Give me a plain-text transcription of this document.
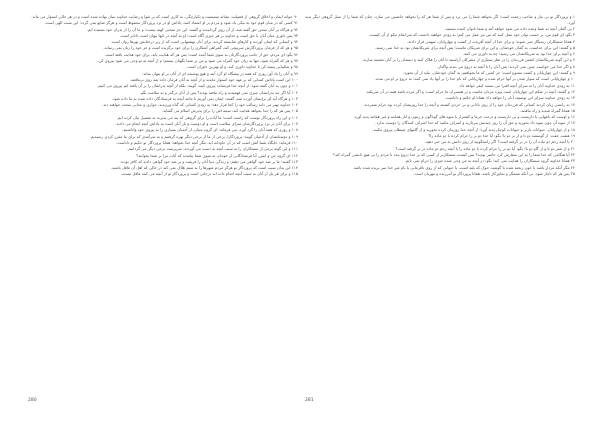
۹۰ جوانه ایمان و اخلاق گروهی از فضیلت، نشانه صمیمیت و یکپارچگی، نه کاری است که بر تقوا و رضایت خداوند بنیان نهاده شده است و در هر حالی استوار می ماند.

۹۱ کسی که در میان قوم خود به نیکی یاد شود و مردم بر او اعتماد کنند، پاداش او در نزد پروردگار محفوظ است و هرگز ضایع نمی گردد؛ این سنت الهی است.

۹۲ و هرگاه بر آنان سخن حق گفته شد، از آن روی گردانیدند و گفتند: این جز سخنی کهنه نیست؛ و ما آن را از پدران خود نشنیده ایم.

۹۳ پس داوری میان آنان با حق است و خداوند بر هر چیزی آگاه است؛ او به آنچه در دلها پنهان است داناتر است.

۹۴ و کسانی که ایمان آوردند و کارهای شایسته کردند، برای آنان بهشتهایی است که از زیر درختانش نهرها روان است.

۹۵ و هر که از فرمان پروردگارش سرپیچی کند، گمراهی آشکاری را برای خود برگزیده است و جز خود را زیان نمی رساند.

۹۶ بگو: ای مردم، حق از جانب پروردگارتان به سوی شما آمده است؛ پس هر که هدایت یابد، برای خود هدایت یافته است.

۹۷ و هر که گمراه شود، تنها به زیان خود گمراه می شود و من بر شما نگهبان نیستم؛ و از آنچه به تو وحی می شود پیروی کن.

۹۸ و شکیبایی پیشه کن تا خداوند داوری کند، و او بهترین داوران است.

۹۹ و آنان را یاد آور روزی که همه در پیشگاه او گرد آیند و هیچ پوشیده ای از آنان بر او پنهان نماند.

۱۰۰ این است پاداش کسانی که بر عهد خود استوار ماندند و از آنچه به آنان فرمان داده شد روی برنتافتند.

۱۰۱ و چون به آنان گفته شود: از آنچه خدا فرستاده پیروی کنید، گویند: بلکه از آنچه پدرانمان را بر آن یافته ایم پیروی می کنیم.

۱۰۲ آیا اگر چه پدرانشان چیزی نمی فهمیدند و راه نیافته بودند؟ پس از آنان درگذر و به سلامت بگو.

۱۰۳ و هرگاه آیه ای برایشان آورده شد، گفتند: ایمان نمی آوریم تا مانند آنچه به فرستادگان داده شده به ما داده شود.

۱۰۴ خداوند بهتر می داند رسالت خود را کجا قرار دهد؛ به زودی کسانی که گناه ورزیدند، خواری و عذابی سخت خواهند دید.

۱۰۵ پس هر که را خدا بخواهد هدایت کند، سینه اش را برای پذیرش اسلام می گشاید.

۱۰۶ و این راه پروردگار توست که راست است؛ ما آیات را برای گروهی که پند می پذیرند به تفصیل بیان کرده ایم.

۱۰۷ برای آنان در نزد پروردگارشان سرای سلامت است و او دوست و یار آنان است به پاداش آنچه انجام می دادند.

۱۰۸ و روزی که همه آنان را گرد آورد، می فرماید: ای گروه جنیان، از آدمیان بسیاری را به پیروی خود واداشتید.

۱۰۹ و دوستانشان از آدمیان گویند: پروردگارا، برخی از ما از برخی دیگر بهره گرفتیم و به سرآمدی که برای ما مقرر کردی رسیدیم.

۱۱۰ فرماید: جایگاه شما آتش است که در آن جاودانه اید، مگر آنچه خدا بخواهد؛ همانا پروردگار تو حکیم و داناست.

۱۱۱ و این گونه برخی از ستمکاران را به سبب آنچه به دست می آوردند، سرپرست برخی دیگر می گردانیم.

۱۱۲ ای گروه جن و انس، آیا فرستادگانی از خودتان به سوی شما نیامدند که آیات مرا بر شما بخوانند؟

۱۱۳ گفتند: ما بر ضد خود گواهی می دهیم؛ و زندگی دنیا آنان را فریفت و بر ضد خود گواهی دادند که کافر بودند.

۱۱۴ این بدان سبب است که پروردگار تو هرگز مردم شهرها را به ستم هلاک نمی کند در حالی که اهل آن غافل باشند.

۱۱۵ و برای هر یک از آنان به سبب آنچه انجام داده اند درجاتی است و پروردگار تو از آنچه می کنند غافل نیست.

۱ و پروردگار تو بی نیاز و صاحب رحمت است؛ اگر بخواهد شما را می برد و پس از شما هر که را بخواهد جانشین می سازد، چنان که شما را از نسل گروهی دیگر پدید آورد.

۲ بی گمان آنچه به شما وعده داده می شود خواهد آمد و شما ناتوان کننده نیستید.

۳ بگو: ای قوم من، بر حسب توان خود عمل کنید که من نیز عمل می کنم؛ به زودی خواهید دانست که سرانجام نیکو از آن کیست.

۴ همانا ستمکاران رستگار نمی شوند؛ و برای خدا از آنچه آفریده، از کشت و چهارپایان، سهمی قرار دادند.

۵ و گفتند: این برای خداست، به گمان خودشان، و این برای شریکان ماست؛ پس آنچه برای شریکانشان بود به خدا نمی رسید.

۶ و آنچه برای خدا بود به شریکانشان می رسید؛ چه بد داوری می کنند.

۷ و این گونه شریکانشان کشتن فرزندان را در نظر بسیاری از مشرکان آراستند تا آنان را هلاک کنند و دینشان را بر آنان مشتبه سازند.

۸ و اگر خدا می خواست چنین نمی کردند؛ پس آنان را با آنچه به دروغ می بندند واگذار.

۹ و گفتند: این چهارپایان و کشت ممنوع است؛ جز کسی که ما بخواهیم، به گمان خودشان، نباید از آن بخورد.

۱۰ و چهارپایانی است که سوار شدن بر آنها حرام شده و چهارپایانی که نام خدا را بر آنها یاد نمی کنند؛ به دروغ بر او می بندند.

۱۱ به زودی خداوند آنان را به سزای آنچه افترا می بستند کیفر خواهد داد.

۱۲ و گفتند: آنچه در شکم این چهارپایان است ویژه مردان ماست و بر همسران ما حرام است؛ و اگر مرده باشد همه در آن شریکند.

۱۳ به زودی خداوند سزای این توصیف آنان را خواهد داد؛ همانا او حکیم و داناست.

۱۴ به راستی زیان کردند کسانی که فرزندان خود را از روی نادانی و بی خردی کشتند و آنچه را خدا روزیشان کرده بود حرام شمردند.

۱۵ همانا گمراه شدند و راه نیافتند.

۱۶ و اوست که باغهایی با داربست و بی داربست و درخت خرما و کشتزار با میوه های گوناگون و زیتون و انار همانند و غیر همانند پدید آورد.

۱۷ از میوه آن چون میوه داد بخورید و حق آن را روز چیدنش بپردازید و اسراف مکنید که خدا اسراف کنندگان را دوست ندارد.

۱۸ و از چهارپایان، حیوانات باربر و حیوانات کوچک پدید آورد؛ از آنچه خدا روزیتان کرده بخورید و از گامهای شیطان پیروی مکنید.

۱۹ هشت جفت: از گوسفند دو تا و از بز دو تا؛ بگو: آیا خدا دو نر را حرام کرده یا دو ماده را؟

۲۰ یا آنچه رحم دو ماده آن را در بر گرفته است؟ اگر راستگویید از روی دانش به من خبر دهید.

۲۱ و از شتر دو تا و از گاو دو تا؛ بگو: آیا دو نر را حرام کرده یا دو ماده را یا آنچه رحم دو ماده در بر گرفته است؟

۲۲ آیا هنگامی که خدا شما را به این سفارش کرد حاضر بودید؟ پس کیست ستمکارتر از کسی که بر خدا دروغ بندد تا مردم را بی هیچ دانشی گمراه کند؟

۲۳ همانا خداوند گروه ستمکاران را هدایت نمی کند؛ بگو: در آنچه به من وحی شده چیزی را حرام نمی یابم.

۲۴ مگر آنکه مردار باشد یا خون ریخته شده یا گوشت خوک که پلید است، یا حیوانی که از روی نافرمانی با نام غیر خدا سر بریده شده باشد.

۲۵ پس هر که ناچار شود، بی آنکه ستمگر و تجاوزکار باشد، همانا پروردگار تو آمرزنده و مهربان است.

280	281
